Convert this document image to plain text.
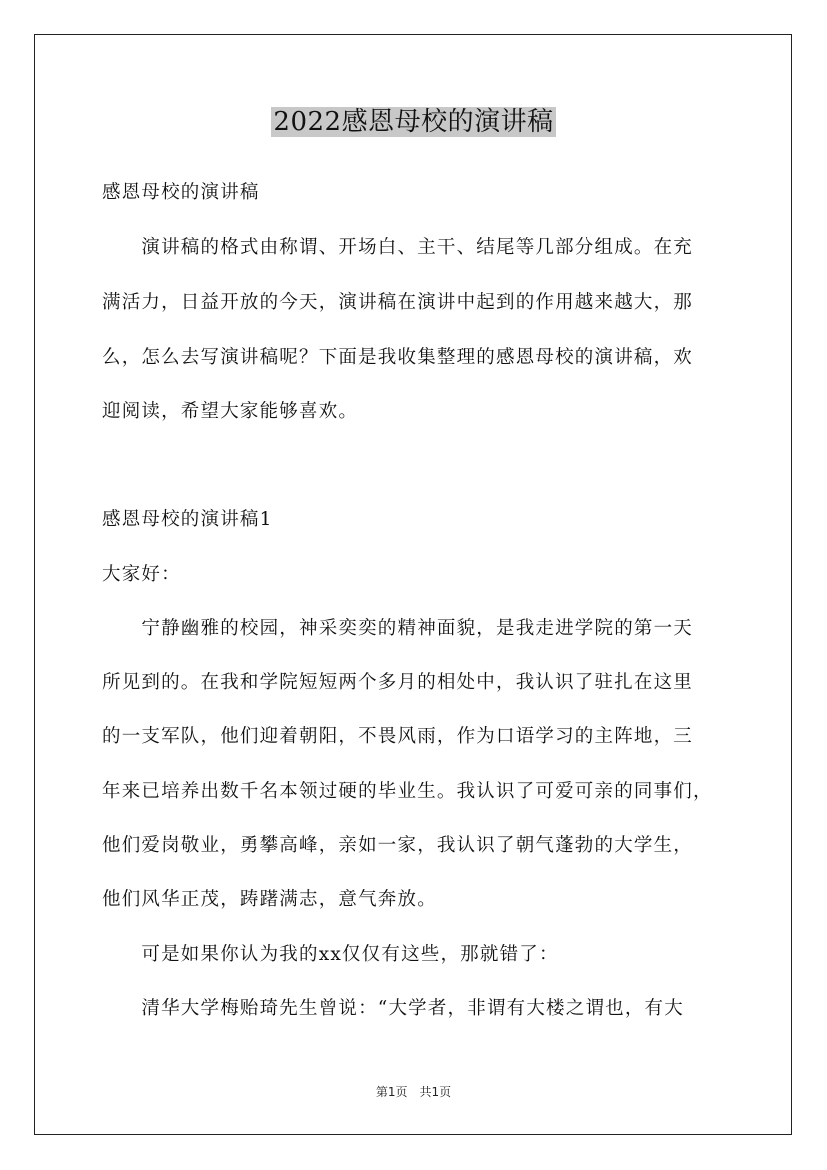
2022感恩母校的演讲稿
感恩母校的演讲稿
　　演讲稿的格式由称谓、开场白、主干、结尾等几部分组成。在充
满活力，日益开放的今天，演讲稿在演讲中起到的作用越来越大，那
么，怎么去写演讲稿呢？下面是我收集整理的感恩母校的演讲稿，欢
迎阅读，希望大家能够喜欢。
感恩母校的演讲稿1
大家好：
　　宁静幽雅的校园，神采奕奕的精神面貌，是我走进学院的第一天
所见到的。在我和学院短短两个多月的相处中，我认识了驻扎在这里
的一支军队，他们迎着朝阳，不畏风雨，作为口语学习的主阵地，三
年来已培养出数千名本领过硬的毕业生。我认识了可爱可亲的同事们，
他们爱岗敬业，勇攀高峰，亲如一家，我认识了朝气蓬勃的大学生，
他们风华正茂，踌躇满志，意气奔放。
　　可是如果你认为我的xx仅仅有这些，那就错了：
　　清华大学梅贻琦先生曾说：“大学者，非谓有大楼之谓也，有大
第1页　共1页
